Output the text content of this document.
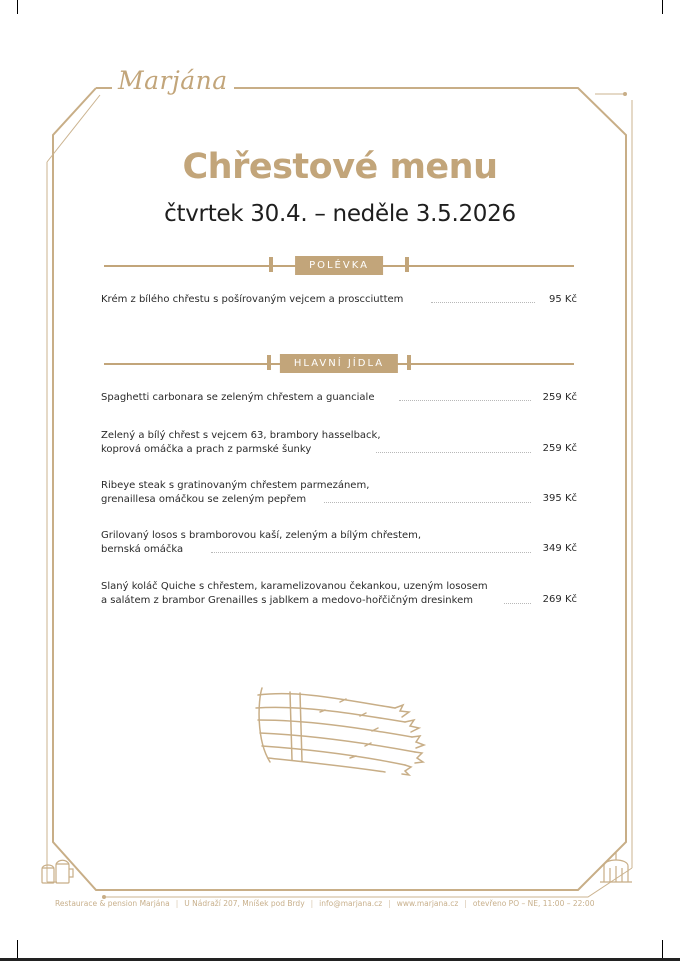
Marjána
Chřestové menu
čtvrtek 30.4. – neděle 3.5.2026
POLÉVKA
Krém z bílého chřestu s pošírovaným vejcem a proscciuttem	95 Kč
HLAVNÍ JÍDLA
Spaghetti carbonara se zeleným chřestem a guanciale	259 Kč
Zelený a bílý chřest s vejcem 63, brambory hasselback,
koprová omáčka a prach z parmské šunky	259 Kč
Ribeye steak s gratinovaným chřestem parmezánem,
grenaillesa omáčkou se zeleným pepřem	395 Kč
Grilovaný losos s bramborovou kaší, zeleným a bílým chřestem,
bernská omáčka	349 Kč
Slaný koláč Quiche s chřestem, karamelizovanou čekankou, uzeným lososem
a salátem z brambor Grenailles s jablkem a medovo-hořčičným dresinkem	269 Kč
Restaurace & pension Marjána | U Nádraží 207, Mníšek pod Brdy | info@marjana.cz | www.marjana.cz | otevřeno PO – NE, 11:00 – 22:00
